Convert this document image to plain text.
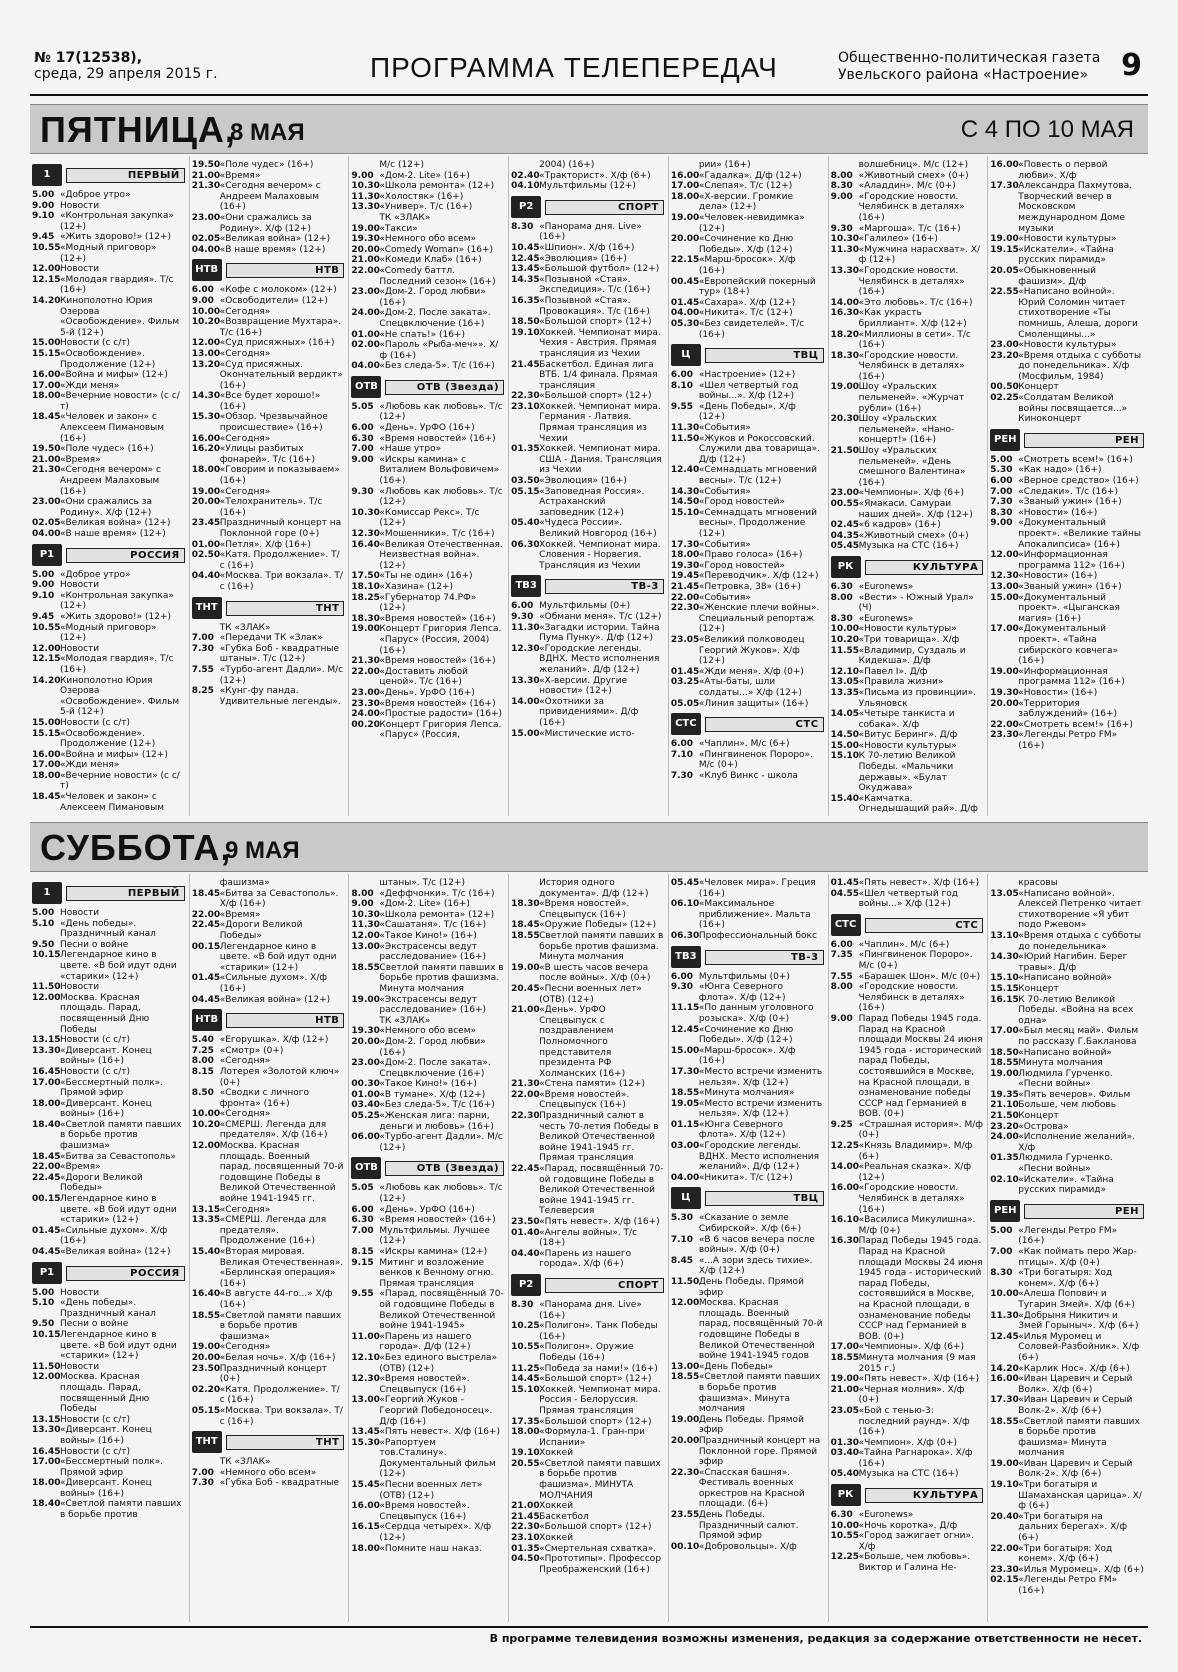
№ 17(12538),
среда, 29 апреля 2015 г.	ПРОГРАММА ТЕЛЕПЕРЕДАЧ	Общественно-политическая газета
Увельского района «Настроение»	9
ПЯТНИЦА,
8 МАЯ	С 4 ПО 10 МАЯ
1	ПЕРВЫЙ
5.00 «Доброе утро»
9.00 Новости
9.10 «Контрольная закупка» (12+)
9.45 «Жить здорово!» (12+)
10.55 «Модный приговор» (12+)
12.00 Новости
12.15 «Молодая гвардия». Т/с (16+)
14.20 Кинополотно Юрия Озерова «Освобождение». Фильм 5-й (12+)
15.00 Новости (с с/т)
15.15 «Освобождение». Продолжение (12+)
16.00 «Война и мифы» (12+)
17.00 «Жди меня»
18.00 «Вечерние новости» (с с/т)
18.45 «Человек и закон» с Алексеем Пимановым (16+)
19.50 «Поле чудес» (16+)
21.00 «Время»
21.30 «Сегодня вечером» с Андреем Малаховым (16+)
23.00 «Они сражались за Родину». Х/ф (12+)
02.05 «Великая война» (12+)
04.00 «В наше время» (12+)
Р1	РОССИЯ
5.00 «Доброе утро»
9.00 Новости
9.10 «Контрольная закупка» (12+)
9.45 «Жить здорово!» (12+)
10.55 «Модный приговор» (12+)
12.00 Новости
12.15 «Молодая гвардия». Т/с (16+)
14.20 Кинополотно Юрия Озерова «Освобождение». Фильм 5-й (12+)
15.00 Новости (с с/т)
15.15 «Освобождение». Продолжение (12+)
16.00 «Война и мифы» (12+)
17.00 «Жди меня»
18.00 «Вечерние новости» (с с/т)
18.45 «Человек и закон» с Алексеем Пимановым
19.50 «Поле чудес» (16+)
21.00 «Время»
21.30 «Сегодня вечером» с Андреем Малаховым (16+)
23.00 «Они сражались за Родину». Х/ф (12+)
02.05 «Великая война» (12+)
04.00 «В наше время» (12+)
НТВ	НТВ
6.00 «Кофе с молоком» (12+)
9.00 «Освободители» (12+)
10.00 «Сегодня»
10.20 «Возвращение Мухтара». Т/с (16+)
12.00 «Суд присяжных» (16+)
13.00 «Сегодня»
13.20 «Суд присяжных. Окончательный вердикт» (16+)
14.30 «Все будет хорошо!» (16+)
15.30 «Обзор. Чрезвычайное происшествие» (16+)
16.00 «Сегодня»
16.20 «Улицы разбитых фонарей». Т/с (16+)
18.00 «Говорим и показываем» (16+)
19.00 «Сегодня»
20.00 «Телохранитель». Т/с (16+)
23.45 Праздничный концерт на Поклонной горе (0+)
01.00 «Петля». Х/ф (16+)
02.50 «Катя. Продолжение». Т/с (16+)
04.40 «Москва. Три вокзала». Т/с (16+)
ТНТ	ТНТ
ТК «ЗЛАК»
7.00 «Передачи ТК «Злак»
7.30 «Губка Боб - квадратные штаны». Т/с (12+)
7.55 «Турбо-агент Дадли». М/с (12+)
8.25 «Кунг-фу панда. Удивительные легенды».
М/с (12+)
9.00 «Дом-2. Lite» (16+)
10.30 «Школа ремонта» (12+)
11.30 «Холостяк» (16+)
13.30 «Универ». Т/с (16+)
ТК «ЗЛАК»
19.00 «Такси»
19.30 «Немного обо всем»
20.00 «Comedy Woman» (16+)
21.00 «Комеди Клаб» (16+)
22.00 «Comedy баттл. Последний сезон» (16+)
23.00 «Дом-2. Город любви» (16+)
24.00 «Дом-2. После заката». Спецвключение (16+)
01.00 «Не спать!» (16+)
02.00 «Пароль «Рыба-меч»». Х/ф (16+)
04.00 «Без следа-5». Т/с (16+)
ОТВ	ОТВ (Звезда)
5.05 «Любовь как любовь». Т/с (12+)
6.00 «День». УрФО (16+)
6.30 «Время новостей» (16+)
7.00 «Наше утро»
9.00 «Искры камина» с Виталием Вольфовичем» (16+)
9.30 «Любовь как любовь». Т/с (12+)
10.30 «Комиссар Рекс». Т/с (12+)
12.30 «Мошенники». Т/с (16+)
16.40 «Великая Отечественная. Неизвестная война». (12+)
17.50 «Ты не один» (16+)
18.10 «Хазина» (12+)
18.25 «Губернатор 74.РФ» (12+)
18.30 «Время новостей» (16+)
19.00 Концерт Григория Лепса. «Парус» (Россия, 2004) (16+)
21.30 «Время новостей» (16+)
22.00 «Доставить любой ценой». Т/с (16+)
23.00 «День». УрФО (16+)
23.30 «Время новостей» (16+)
24.00 «Простые радости» (16+)
00.20 Концерт Григория Лепса. «Парус» (Россия,
2004) (16+)
02.40 «Тракторист». Х/ф (6+)
04.10 Мультфильмы (12+)
Р2	СПОРТ
8.30 «Панорама дня. Live» (16+)
10.45 «Шпион». Х/ф (16+)
12.45 «Эволюция» (16+)
13.45 «Большой футбол» (12+)
14.35 «Позывной «Стая». Экспедиция». Т/с (16+)
16.35 «Позывной «Стая». Провокация». Т/с (16+)
18.50 «Большой спорт» (12+)
19.10 Хоккей. Чемпионат мира. Чехия - Австрия. Прямая трансляция из Чехии
21.45 Баскетбол. Единая лига ВТБ. 1/4 финала. Прямая трансляция
22.30 «Большой спорт» (12+)
23.10 Хоккей. Чемпионат мира. Германия - Латвия. Прямая трансляция из Чехии
01.35 Хоккей. Чемпионат мира. США - Дания. Трансляция из Чехии
03.50 «Эволюция» (16+)
05.15 «Заповедная Россия». Астраханский заповедник (12+)
05.40 «Чудеса России». Великий Новгород (16+)
06.30 Хоккей. Чемпионат мира. Словения - Норвегия. Трансляция из Чехии
ТВ3	ТВ-3
6.00 Мультфильмы (0+)
9.30 «Обмани меня». Т/с (12+)
11.30 «Загадки истории. Тайна Пума Пунку». Д/ф (12+)
12.30 «Городские легенды. ВДНХ. Место исполнения желаний». Д/ф (12+)
13.30 «Х-версии. Другие новости» (12+)
14.00 «Охотники за привидениями». Д/ф (16+)
15.00 «Мистические исто-
рии» (16+)
16.00 «Гадалка». Д/ф (12+)
17.00 «Слепая». Т/с (12+)
18.00 «Х-версии. Громкие дела» (12+)
19.00 «Человек-невидимка» (12+)
20.00 «Сочинение ко Дню Победы». Х/ф (12+)
22.15 «Марш-бросок». Х/ф (16+)
00.45 «Европейский покерный тур» (18+)
01.45 «Сахара». Х/ф (12+)
04.00 «Никита». Т/с (12+)
05.30 «Без свидетелей». Т/с (16+)
Ц	ТВЦ
6.00 «Настроение» (12+)
8.10 «Шел четвертый год войны...». Х/ф (12+)
9.55 «День Победы». Х/ф (12+)
11.30 «События»
11.50 «Жуков и Рокоссовский. Служили два товарища». Д/ф (12+)
12.40 «Семнадцать мгновений весны». Т/с (12+)
14.30 «События»
14.50 «Город новостей»
15.10 «Семнадцать мгновений весны». Продолжение (12+)
17.30 «События»
18.00 «Право голоса» (16+)
19.30 «Город новостей»
19.45 «Переводчик». Х/ф (12+)
21.45 «Петровка, 38» (16+)
22.00 «События»
22.30 «Женские плечи войны». Специальный репортаж (12+)
23.05 «Великий полководец Георгий Жуков». Х/ф (12+)
01.45 «Жди меня». Х/ф (0+)
03.25 «Аты-баты, шли солдаты...» Х/ф (12+)
05.05 «Линия защиты» (16+)
СТС	СТС
6.00 «Чаплин». М/с (6+)
7.10 «Пингвиненок Пороро». М/с (0+)
7.30 «Клуб Винкс - школа
волшебниц». М/с (12+)
8.00 «Животный смех» (0+)
8.30 «Аладдин». М/с (0+)
9.00 «Городские новости. Челябинск в деталях» (16+)
9.30 «Маргоша». Т/с (16+)
10.30 «Галилео» (16+)
11.30 «Мужчина нарасхват». Х/ф (12+)
13.30 «Городские новости. Челябинск в деталях» (16+)
14.00 «Это любовь». Т/с (16+)
16.30 «Как украсть бриллиант». Х/ф (12+)
18.20 «Миллионы в сети». Т/с (16+)
18.30 «Городские новости. Челябинск в деталях» (16+)
19.00 Шоу «Уральских пельменей». «Журчат рубли» (16+)
20.30 Шоу «Уральских пельменей». «Нано-концерт!» (16+)
21.50 Шоу «Уральских пельменей». «День смешного Валентина» (16+)
23.00 «Чемпионы». Х/ф (6+)
00.55 «Ямакаси. Самураи наших дней». Х/ф (12+)
02.45 «6 кадров» (16+)
04.35 «Животный смех» (0+)
05.45 Музыка на СТС (16+)
РК	КУЛЬТУРА
6.30 «Euronews»
8.00 «Вести» - Южный Урал» (Ч)
8.30 «Euronews»
10.00 «Новости культуры»
10.20 «Три товарища». Х/ф
11.55 «Владимир, Суздаль и Кидекша». Д/ф
12.10 «Павел I». Д/ф
13.05 «Правила жизни»
13.35 «Письма из провинции». Ульяновск
14.05 «Четыре танкиста и собака». Х/ф
14.50 «Витус Беринг». Д/ф
15.00 «Новости культуры»
15.10 К 70-летию Великой Победы. «Мальчики державы». «Булат Окуджава»
15.40 «Камчатка. Огнедышащий рай». Д/ф
16.00 «Повесть о первой любви». Х/ф
17.30 Александра Пахмутова. Творческий вечер в Московском международном Доме музыки
19.00 «Новости культуры»
19.15 «Искатели». «Тайна русских пирамид»
20.05 «Обыкновенный фашизм». Д/ф
22.55 «Написано войной». Юрий Соломин читает стихотворение «Ты помнишь, Алеша, дороги Смоленщины...»
23.00 «Новости культуры»
23.20 «Время отдыха с субботы до понедельника». Х/ф (Мосфильм, 1984)
00.50 Концерт
02.25 «Солдатам Великой войны посвящается...» Киноконцерт
РЕН	РЕН
5.00 «Смотреть всем!» (16+)
5.30 «Как надо» (16+)
6.00 «Верное средство» (16+)
7.00 «Следаки». Т/с (16+)
7.30 «Званый ужин» (16+)
8.30 «Новости» (16+)
9.00 «Документальный проект». «Великие тайны Апокалипсиса» (16+)
12.00 «Информационная программа 112» (16+)
12.30 «Новости» (16+)
13.00 «Званый ужин» (16+)
15.00 «Документальный проект». «Цыганская магия» (16+)
17.00 «Документальный проект». «Тайна сибирского ковчега» (16+)
19.00 «Информационная программа 112» (16+)
19.30 «Новости» (16+)
20.00 «Территория заблуждений» (16+)
22.00 «Смотреть всем!» (16+)
23.30 «Легенды Ретро FM» (16+)
СУББОТА,
9 МАЯ
1	ПЕРВЫЙ
5.00 Новости
5.10 «День победы». Праздничный канал
9.50 Песни о войне
10.15 Легендарное кино в цвете. «В бой идут одни «старики» (12+)
11.50 Новости
12.00 Москва. Красная площадь. Парад, посвященный Дню Победы
13.15 Новости (с с/т)
13.30 «Диверсант. Конец войны» (16+)
16.45 Новости (с с/т)
17.00 «Бессмертный полк». Прямой эфир
18.00 «Диверсант. Конец войны» (16+)
18.40 «Светлой памяти павших в борьбе против фашизма»
18.45 «Битва за Севастополь»
22.00 «Время»
22.45 «Дороги Великой Победы»
00.15 Легендарное кино в цвете. «В бой идут одни «старики» (12+)
01.45 «Сильные духом». Х/ф (16+)
04.45 «Великая война» (12+)
Р1	РОССИЯ
5.00 Новости
5.10 «День победы». Праздничный канал
9.50 Песни о войне
10.15 Легендарное кино в цвете. «В бой идут одни «старики» (12+)
11.50 Новости
12.00 Москва. Красная площадь. Парад, посвященный Дню Победы
13.15 Новости (с с/т)
13.30 «Диверсант. Конец войны» (16+)
16.45 Новости (с с/т)
17.00 «Бессмертный полк». Прямой эфир
18.00 «Диверсант. Конец войны» (16+)
18.40 «Светлой памяти павших в борьбе против
фашизма»
18.45 «Битва за Севастополь». Х/ф (16+)
22.00 «Время»
22.45 «Дороги Великой Победы»
00.15 Легендарное кино в цвете. «В бой идут одни «старики» (12+)
01.45 «Сильные духом». Х/ф (16+)
04.45 «Великая война» (12+)
НТВ	НТВ
5.40 «Егорушка». Х/ф (12+)
7.25 «Смотр» (0+)
8.00 «Сегодня»
8.15 Лотерея «Золотой ключ» (0+)
8.50 «Сводки с личного фронта» (16+)
10.00 «Сегодня»
10.20 «СМЕРШ. Легенда для предателя». Х/ф (16+)
12.00 Москва. Красная площадь. Военный парад, посвященный 70-й годовщине Победы в Великой Отечественной войне 1941-1945 гг.
13.15 «Сегодня»
13.35 «СМЕРШ. Легенда для предателя». Продолжение (16+)
15.40 «Вторая мировая. Великая Отечественная». «Берлинская операция» (16+)
16.40 «В августе 44-го...» Х/ф (16+)
18.55 «Светлой памяти павших в борьбе против фашизма»
19.00 «Сегодня»
20.00 «Белая ночь». Х/ф (16+)
23.50 Праздничный концерт (0+)
02.20 «Катя. Продолжение». Т/с (16+)
05.15 «Москва. Три вокзала». Т/с (16+)
ТНТ	ТНТ
ТК «ЗЛАК»
7.00 «Немного обо всем»
7.30 «Губка Боб - квадратные
штаны». Т/с (12+)
8.00 «Деффчонки». Т/с (16+)
9.00 «Дом-2. Lite» (16+)
10.30 «Школа ремонта» (12+)
11.30 «Сашатаня». Т/с (16+)
12.00 «Такое Кино!» (16+)
13.00 «Экстрасенсы ведут расследование» (16+)
18.55 Светлой памяти павших в борьбе против фашизма. Минута молчания
19.00 «Экстрасенсы ведут расследование» (16+)
ТК «ЗЛАК»
19.30 «Немного обо всем»
20.00 «Дом-2. Город любви» (16+)
23.00 «Дом-2. После заката». Спецвключение (16+)
00.30 «Такое Кино!» (16+)
01.00 «В тумане». Х/ф (12+)
03.40 «Без следа-5». Т/с (16+)
05.25 «Женская лига: парни, деньги и любовь» (16+)
06.00 «Турбо-агент Дадли». М/с (12+)
ОТВ	ОТВ (Звезда)
5.05 «Любовь как любовь». Т/с (12+)
6.00 «День». УрФО (16+)
6.30 «Время новостей» (16+)
7.00 Мультфильмы. Лучшее (12+)
8.15 «Искры камина» (12+)
9.15 Митинг и возложение венков к Вечному огню. Прямая трансляция
9.55 «Парад, посвящённый 70-ой годовщине Победы в Великой Отечественной войне 1941-1945»
11.00 «Парень из нашего города». Д/ф (12+)
12.10 «Без единого выстрела» (ОТВ) (12+)
12.30 «Время новостей». Спецвыпуск (16+)
13.00 «Георгий Жуков - Георгий Победоносец». Д/ф (16+)
13.45 «Пять невест». Х/ф (16+)
15.30 «Рапортуем тов.Сталину». Документальный фильм (12+)
15.45 «Песни военных лет» (ОТВ) (12+)
16.00 «Время новостей». Спецвыпуск (16+)
16.15 «Сердца четырех». Х/ф (12+)
18.00 «Помните наш наказ.
История одного документа». Д/ф (12+)
18.30 «Время новостей». Спецвыпуск (16+)
18.45 «Оружие Победы» (12+)
18.55 Светлой памяти павших в борьбе против фашизма. Минута молчания
19.00 «В шесть часов вечера после войны». Х/ф (0+)
20.45 «Песни военных лет» (ОТВ) (12+)
21.00 «День». УрФО Спецвыпуск с поздравлением Полномочного представителя президента РФ Холманских (16+)
21.30 «Стена памяти» (12+)
22.00 «Время новостей». Спецвыпуск (16+)
22.30 Праздничный салют в честь 70-летия Победы в Великой Отечественной войне 1941-1945 гг. Прямая трансляция
22.45 «Парад, посвящённый 70-ой годовщине Победы в Великой Отечественной войне 1941-1945 гг. Телеверсия
23.50 «Пять невест». Х/ф (16+)
01.40 «Ангелы войны». Т/с (18+)
04.40 «Парень из нашего города». Х/ф (6+)
Р2	СПОРТ
8.30 «Панорама дня. Live» (16+)
10.25 «Полигон». Танк Победы (16+)
10.55 «Полигон». Оружие Победы (16+)
11.25 «Победа за нами!» (16+)
14.45 «Большой спорт» (12+)
15.10 Хоккей. Чемпионат мира. Россия - Белоруссия. Прямая трансляция
17.35 «Большой спорт» (12+)
18.00 «Формула-1. Гран-при Испании»
19.10 Хоккей
20.55 «Светлой памяти павших в борьбе против фашизма». МИНУТА МОЛЧАНИЯ
21.00 Хоккей
21.45 Баскетбол
22.30 «Большой спорт» (12+)
23.10 Хоккей
01.35 «Смертельная схватка».
04.50 «Прототипы». Профессор Преображенский (16+)
05.45 «Человек мира». Греция (16+)
06.10 «Максимальное приближение». Мальта (16+)
06.30 Профессиональный бокс
ТВ3	ТВ-3
6.00 Мультфильмы (0+)
9.30 «Юнга Северного флота». Х/ф (12+)
11.15 «По данным уголовного розыска». Х/ф (0+)
12.45 «Сочинение ко Дню Победы». Х/ф (12+)
15.00 «Марш-бросок». Х/ф (16+)
17.30 «Место встречи изменить нельзя». Х/ф (12+)
18.55 «Минута молчания»
19.05 «Место встречи изменить нельзя». Х/ф (12+)
01.15 «Юнга Северного флота». Х/ф (12+)
03.00 «Городские легенды. ВДНХ. Место исполнения желаний». Д/ф (12+)
04.00 «Никита». Т/с (12+)
Ц	ТВЦ
5.30 «Сказание о земле Сибирской». Х/ф (6+)
7.10 «В 6 часов вечера после войны». Х/ф (0+)
8.45 «...А зори здесь тихие». Х/ф (12+)
11.50 День Победы. Прямой эфир
12.00 Москва. Красная площадь. Военный парад, посвящённый 70-й годовщине Победы в Великой Отечественной войне 1941-1945 годов
13.00 «День Победы»
18.55 «Светлой памяти павших в борьбе против фашизма». Минута молчания
19.00 День Победы. Прямой эфир
20.00 Праздничный концерт на Поклонной горе. Прямой эфир
22.30 «Спасская башня». Фестиваль военных оркестров на Красной площади. (6+)
23.55 День Победы. Праздничный салют. Прямой эфир
00.10 «Добровольцы». Х/ф
01.45 «Пять невест». Х/ф (16+)
04.55 «Шел четвертый год войны...» Х/ф (12+)
СТС	СТС
6.00 «Чаплин». М/с (6+)
7.35 «Пингвиненок Пороро». М/с (0+)
7.55 «Барашек Шон». М/с (0+)
8.00 «Городские новости. Челябинск в деталях» (16+)
9.00 Парад Победы 1945 года. Парад на Красной площади Москвы 24 июня 1945 года - исторический парад Победы, состоявшийся в Москве, на Красной площади, в ознаменование победы СССР над Германией в ВОВ. (0+)
9.25 «Страшная история». М/ф (0+)
12.25 «Князь Владимир». М/ф (6+)
14.00 «Реальная сказка». Х/ф (12+)
16.00 «Городские новости. Челябинск в деталях» (16+)
16.10 «Василиса Микулишна». М/ф (0+)
16.30 Парад Победы 1945 года. Парад на Красной площади Москвы 24 июня 1945 года - исторический парад Победы, состоявшийся в Москве, на Красной площади, в ознаменование победы СССР над Германией в ВОВ. (0+)
17.00 «Чемпионы». Х/ф (6+)
18.55 Минута молчания (9 мая 2015 г.)
19.00 «Пять невест». Х/ф (16+)
21.00 «Черная молния». Х/ф (0+)
23.05 «Бой с тенью-3: последний раунд». Х/ф (16+)
01.30 «Чемпион». Х/ф (0+)
03.40 «Тайна Рагнарока». Х/ф (16+)
05.40 Музыка на СТС (16+)
РК	КУЛЬТУРА
6.30 «Euronews»
10.00 «Ночь коротка». Д/ф
10.55 «Город зажигает огни». Х/ф
12.25 «Больше, чем любовь». Виктор и Галина Не-
красовы
13.05 «Написано войной». Алексей Петренко читает стихотворение «Я убит подо Ржевом»
13.10 «Время отдыха с субботы до понедельника»
14.30 «Юрий Нагибин. Берег травы». Д/ф
15.10 «Написано войной»
15.15 Концерт
16.15 К 70-летию Великой Победы. «Война на всех одна»
17.00 «Был месяц май». Фильм по рассказу Г.Бакланова
18.50 «Написано войной»
18.55 Минута молчания
19.00 Людмила Гурченко. «Песни войны»
19.35 «Пять вечеров». Фильм
21.10 Больше, чем любовь
21.50 Концерт
23.20 «Острова»
24.00 «Исполнение желаний». Х/ф
01.35 Людмила Гурченко. «Песни войны»
02.10 «Искатели». «Тайна русских пирамид»
РЕН	РЕН
5.00 «Легенды Ретро FM» (16+)
7.00 «Как поймать перо Жар-птицы». Х/ф (0+)
8.30 «Три богатыря: Ход конем». Х/ф (6+)
10.00 «Алеша Попович и Тугарин Змей». Х/ф (6+)
11.30 «Добрыня Никитич и Змей Горыныч». Х/ф (6+)
12.45 «Илья Муромец и Соловей-Разбойник». Х/ф (6+)
14.20 «Карлик Нос». Х/ф (6+)
16.00 «Иван Царевич и Серый Волк». Х/ф (6+)
17.30 «Иван Царевич и Серый Волк-2». Х/ф (6+)
18.55 «Светлой памяти павших в борьбе против фашизма» Минута молчания
19.00 «Иван Царевич и Серый Волк-2». Х/ф (6+)
19.10 «Три богатыря и Шамаханская царица». Х/ф (6+)
20.40 «Три богатыря на дальних берегах». Х/ф (6+)
22.00 «Три богатыря: Ход конем». Х/ф (6+)
23.30 «Илья Муромец». Х/ф (6+)
02.15 «Легенды Ретро FM» (16+)
В программе телевидения возможны изменения, редакция за содержание ответственности не несет.
